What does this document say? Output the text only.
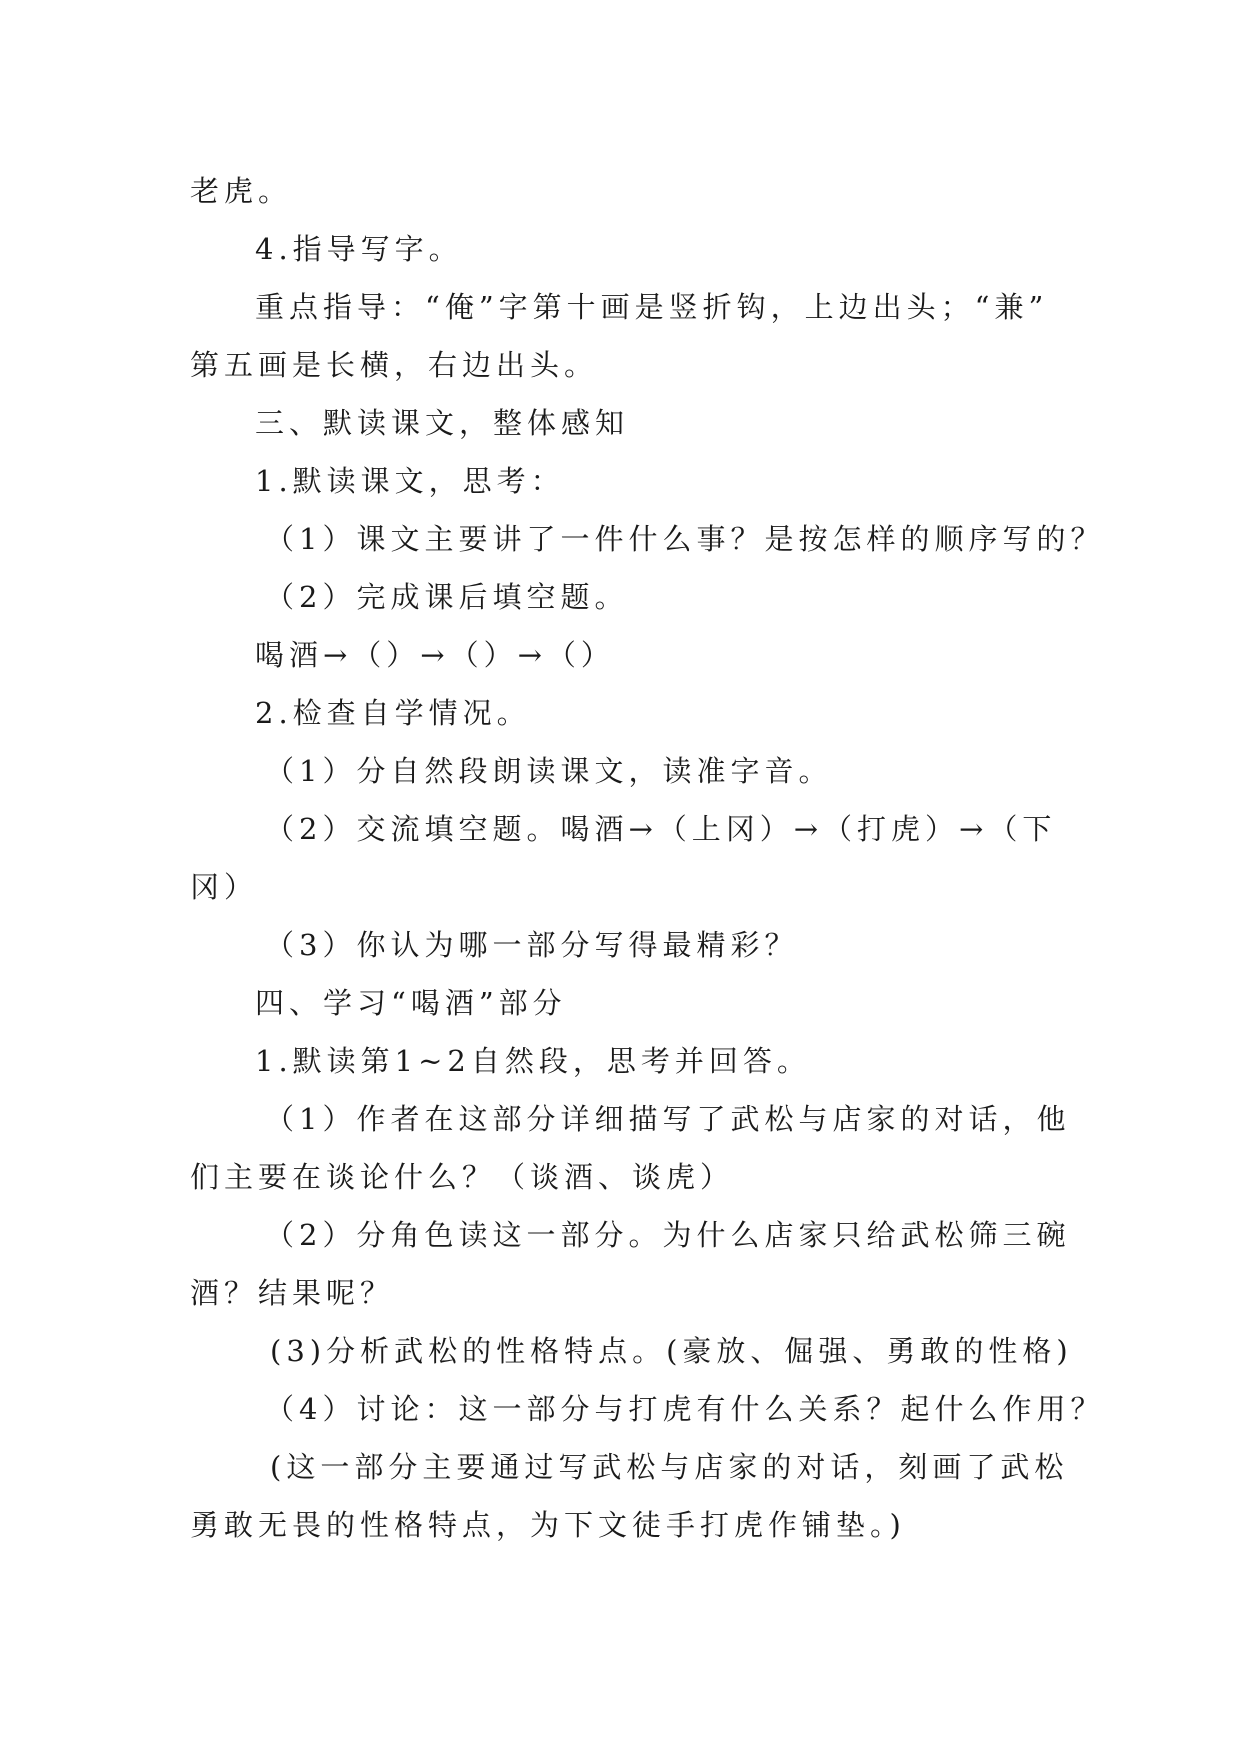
老虎。
4.指导写字。
重点指导：“俺”字第十画是竖折钩，上边出头；“兼”
第五画是长横，右边出头。
三、默读课文，整体感知
1.默读课文，思考：
（1）课文主要讲了一件什么事？是按怎样的顺序写的？
（2）完成课后填空题。
喝酒→（）→（）→（）
2.检查自学情况。
（1）分自然段朗读课文，读准字音。
（2）交流填空题。喝酒→（上冈）→（打虎）→（下
冈）
（3）你认为哪一部分写得最精彩？
四、学习“喝酒”部分
1.默读第1~2自然段，思考并回答。
（1）作者在这部分详细描写了武松与店家的对话，他
们主要在谈论什么？（谈酒、谈虎）
（2）分角色读这一部分。为什么店家只给武松筛三碗
酒？结果呢？
(3)分析武松的性格特点。(豪放、倔强、勇敢的性格)
（4）讨论：这一部分与打虎有什么关系？起什么作用？
(这一部分主要通过写武松与店家的对话，刻画了武松
勇敢无畏的性格特点，为下文徒手打虎作铺垫。)
